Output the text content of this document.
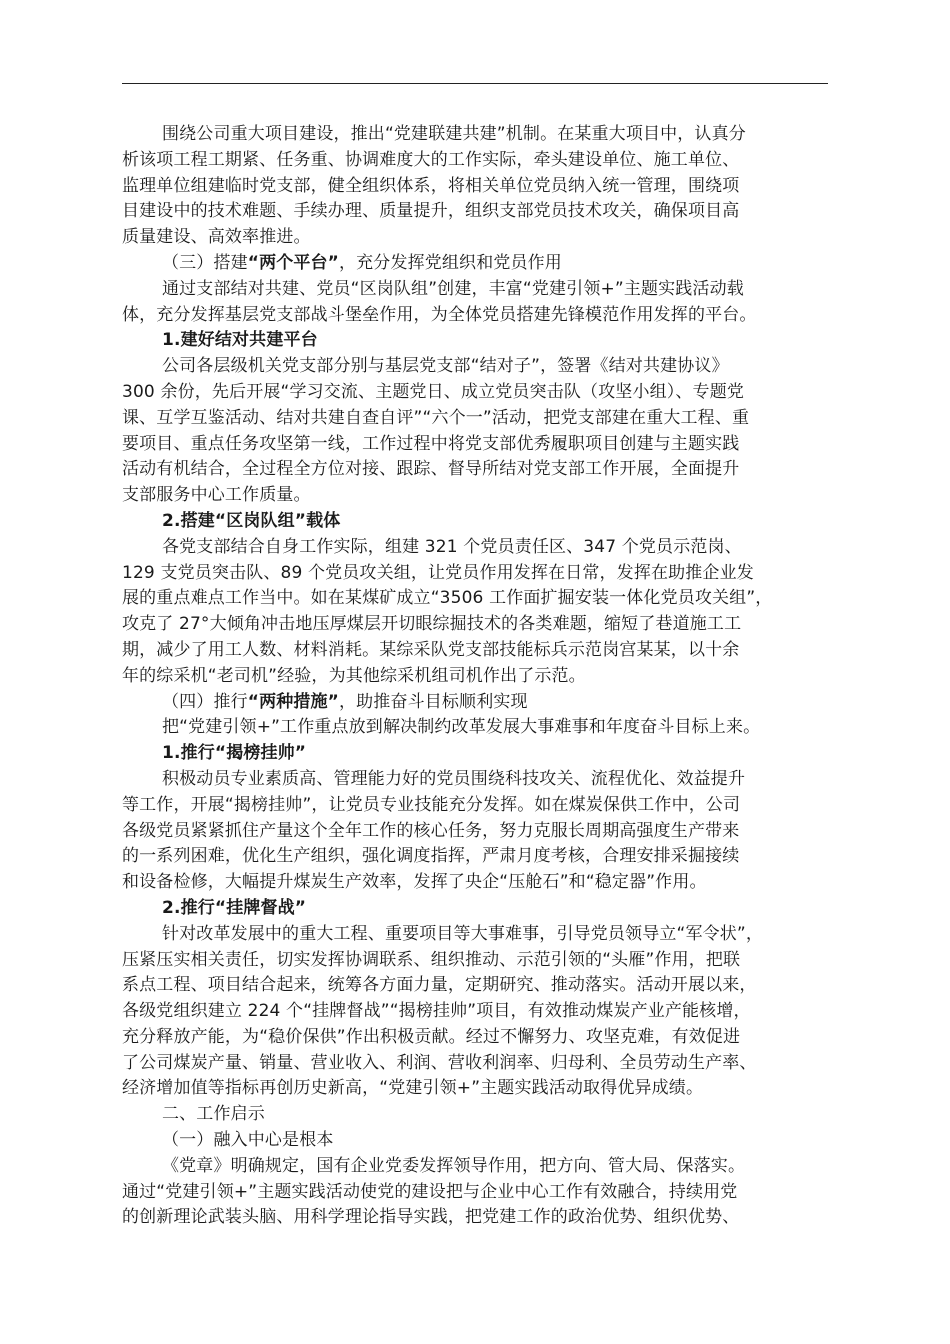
围绕公司重大项目建设，推出“党建联建共建”机制。在某重大项目中，认真分
析该项工程工期紧、任务重、协调难度大的工作实际，牵头建设单位、施工单位、
监理单位组建临时党支部，健全组织体系，将相关单位党员纳入统一管理，围绕项
目建设中的技术难题、手续办理、质量提升，组织支部党员技术攻关，确保项目高
质量建设、高效率推进。
（三）搭建“两个平台”，充分发挥党组织和党员作用
通过支部结对共建、党员“区岗队组”创建，丰富“党建引领+”主题实践活动载
体，充分发挥基层党支部战斗堡垒作用，为全体党员搭建先锋模范作用发挥的平台。
1.建好结对共建平台
公司各层级机关党支部分别与基层党支部“结对子”，签署《结对共建协议》
300 余份，先后开展“学习交流、主题党日、成立党员突击队（攻坚小组）、专题党
课、互学互鉴活动、结对共建自查自评”“六个一”活动，把党支部建在重大工程、重
要项目、重点任务攻坚第一线，工作过程中将党支部优秀履职项目创建与主题实践
活动有机结合，全过程全方位对接、跟踪、督导所结对党支部工作开展，全面提升
支部服务中心工作质量。
2.搭建“区岗队组”载体
各党支部结合自身工作实际，组建 321 个党员责任区、347 个党员示范岗、
129 支党员突击队、89 个党员攻关组，让党员作用发挥在日常，发挥在助推企业发
展的重点难点工作当中。如在某煤矿成立“3506 工作面扩掘安装一体化党员攻关组”，
攻克了 27°大倾角冲击地压厚煤层开切眼综掘技术的各类难题，缩短了巷道施工工
期，减少了用工人数、材料消耗。某综采队党支部技能标兵示范岗宫某某，以十余
年的综采机“老司机”经验，为其他综采机组司机作出了示范。
（四）推行“两种措施”，助推奋斗目标顺利实现
把“党建引领+”工作重点放到解决制约改革发展大事难事和年度奋斗目标上来。
1.推行“揭榜挂帅”
积极动员专业素质高、管理能力好的党员围绕科技攻关、流程优化、效益提升
等工作，开展“揭榜挂帅”，让党员专业技能充分发挥。如在煤炭保供工作中，公司
各级党员紧紧抓住产量这个全年工作的核心任务，努力克服长周期高强度生产带来
的一系列困难，优化生产组织，强化调度指挥，严肃月度考核，合理安排采掘接续
和设备检修，大幅提升煤炭生产效率，发挥了央企“压舱石”和“稳定器”作用。
2.推行“挂牌督战”
针对改革发展中的重大工程、重要项目等大事难事，引导党员领导立“军令状”，
压紧压实相关责任，切实发挥协调联系、组织推动、示范引领的“头雁”作用，把联
系点工程、项目结合起来，统筹各方面力量，定期研究、推动落实。活动开展以来，
各级党组织建立 224 个“挂牌督战”“揭榜挂帅”项目，有效推动煤炭产业产能核增，
充分释放产能，为“稳价保供”作出积极贡献。经过不懈努力、攻坚克难，有效促进
了公司煤炭产量、销量、营业收入、利润、营收利润率、归母利、全员劳动生产率、
经济增加值等指标再创历史新高，“党建引领+”主题实践活动取得优异成绩。
二、工作启示
（一）融入中心是根本
《党章》明确规定，国有企业党委发挥领导作用，把方向、管大局、保落实。
通过“党建引领+”主题实践活动使党的建设把与企业中心工作有效融合，持续用党
的创新理论武装头脑、用科学理论指导实践，把党建工作的政治优势、组织优势、
